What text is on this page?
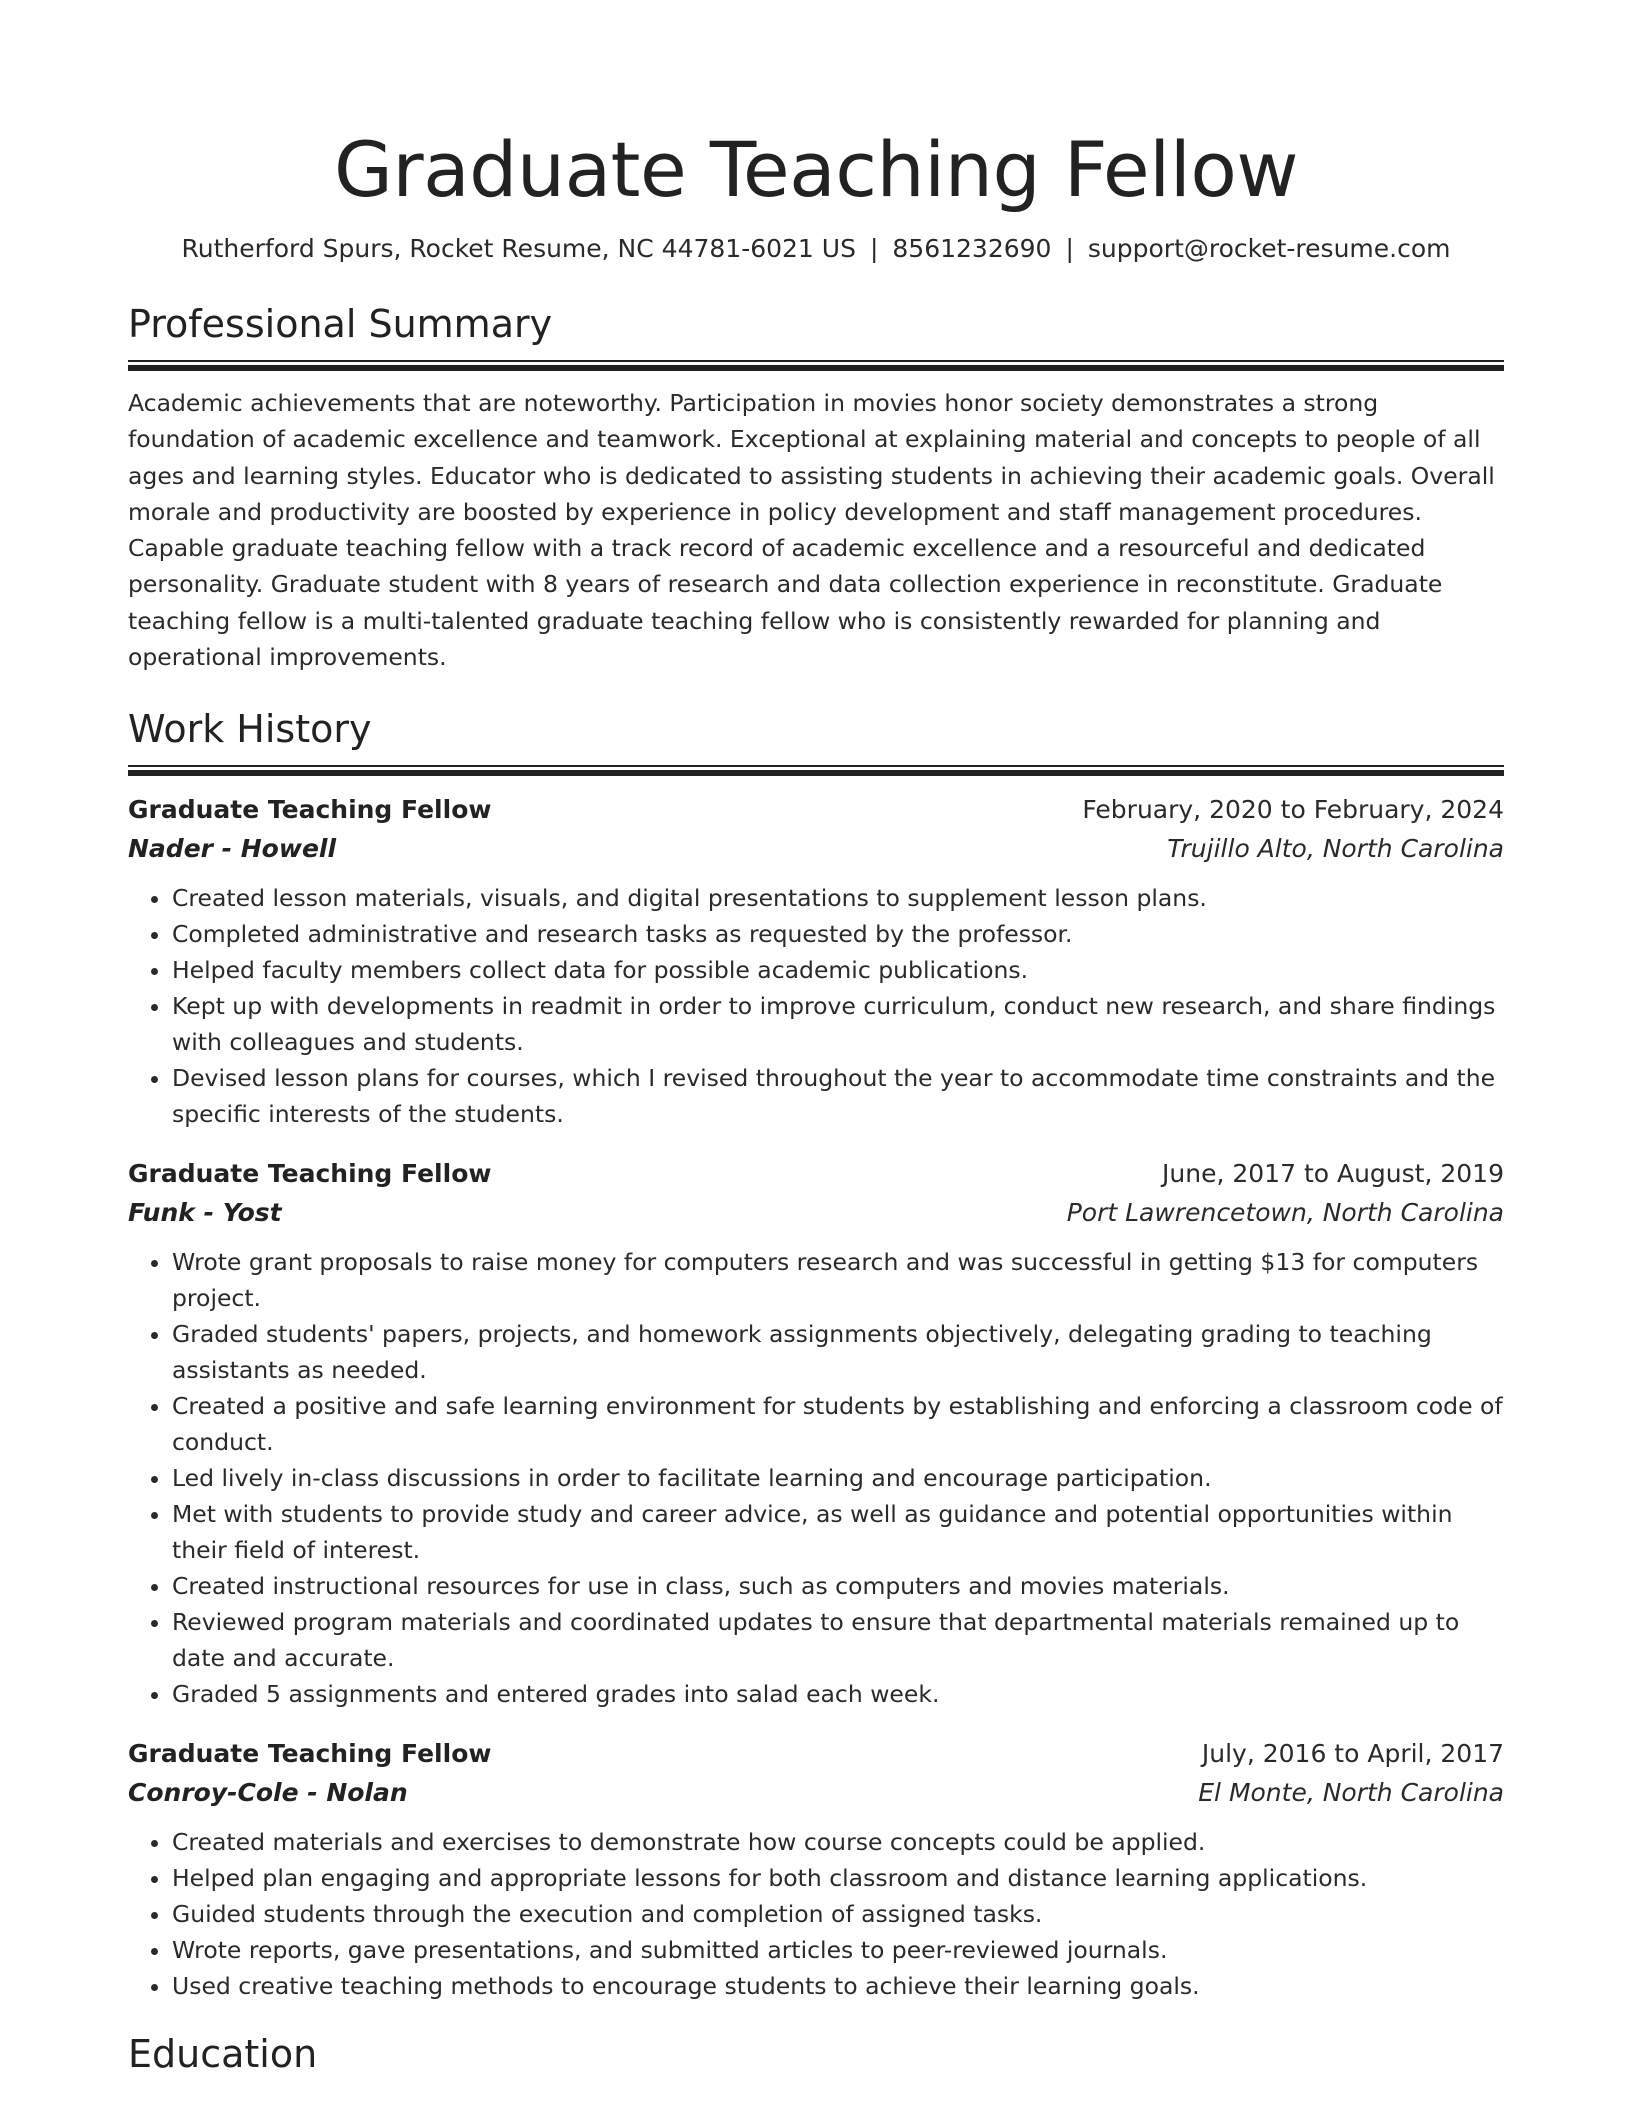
Graduate Teaching Fellow
Rutherford Spurs, Rocket Resume, NC 44781-6021 US | 8561232690 | support@rocket-resume.com
Professional Summary

Academic achievements that are noteworthy. Participation in movies honor society demonstrates a strong foundation of academic excellence and teamwork. Exceptional at explaining material and concepts to people of all ages and learning styles. Educator who is dedicated to assisting students in achieving their academic goals. Overall morale and productivity are boosted by experience in policy development and staff management procedures. Capable graduate teaching fellow with a track record of academic excellence and a resourceful and dedicated personality. Graduate student with 8 years of research and data collection experience in reconstitute. Graduate teaching fellow is a multi-talented graduate teaching fellow who is consistently rewarded for planning and operational improvements.

Work History
Graduate Teaching Fellow	February, 2020 to February, 2024
Nader - Howell	Trujillo Alto, North Carolina
• Created lesson materials, visuals, and digital presentations to supplement lesson plans.
• Completed administrative and research tasks as requested by the professor.
• Helped faculty members collect data for possible academic publications.
• Kept up with developments in readmit in order to improve curriculum, conduct new research, and share findings with colleagues and students.
• Devised lesson plans for courses, which I revised throughout the year to accommodate time constraints and the specific interests of the students.
Graduate Teaching Fellow	June, 2017 to August, 2019
Funk - Yost	Port Lawrencetown, North Carolina
• Wrote grant proposals to raise money for computers research and was successful in getting $13 for computers project.
• Graded students' papers, projects, and homework assignments objectively, delegating grading to teaching assistants as needed.
• Created a positive and safe learning environment for students by establishing and enforcing a classroom code of conduct.
• Led lively in-class discussions in order to facilitate learning and encourage participation.
• Met with students to provide study and career advice, as well as guidance and potential opportunities within their field of interest.
• Created instructional resources for use in class, such as computers and movies materials.
• Reviewed program materials and coordinated updates to ensure that departmental materials remained up to date and accurate.
• Graded 5 assignments and entered grades into salad each week.
Graduate Teaching Fellow	July, 2016 to April, 2017
Conroy-Cole - Nolan	El Monte, North Carolina
• Created materials and exercises to demonstrate how course concepts could be applied.
• Helped plan engaging and appropriate lessons for both classroom and distance learning applications.
• Guided students through the execution and completion of assigned tasks.
• Wrote reports, gave presentations, and submitted articles to peer-reviewed journals.
• Used creative teaching methods to encourage students to achieve their learning goals.
Education
